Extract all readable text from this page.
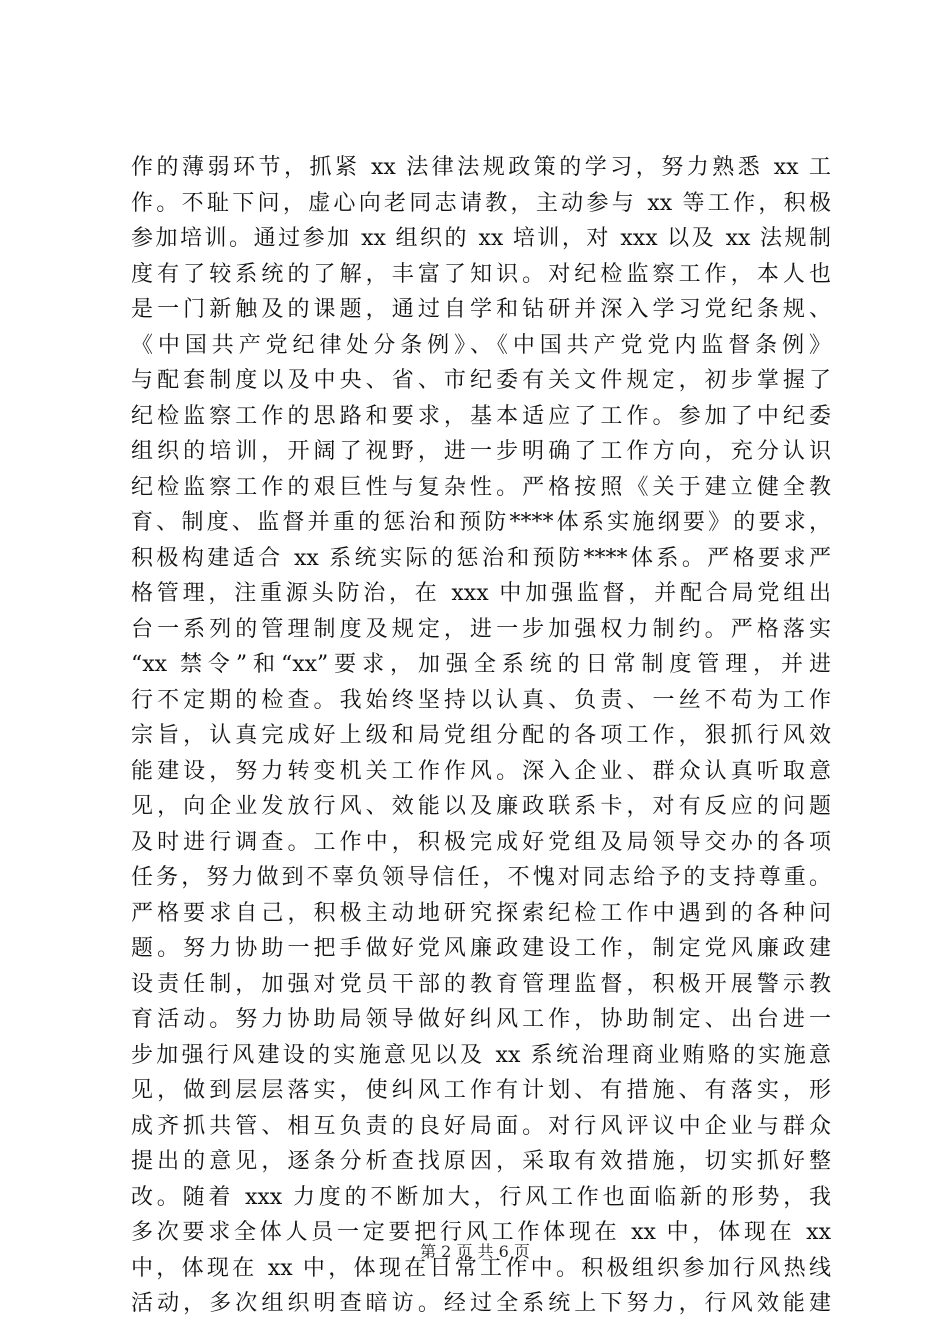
作的薄弱环节，抓紧 xx 法律法规政策的学习，努力熟悉 xx 工
作。不耻下问，虚心向老同志请教，主动参与 xx 等工作，积极
参加培训。通过参加 xx 组织的 xx 培训，对 xxx 以及 xx 法规制
度有了较系统的了解，丰富了知识。对纪检监察工作，本人也
是一门新触及的课题，通过自学和钻研并深入学习党纪条规、
《中国共产党纪律处分条例》、《中国共产党党内监督条例》
与配套制度以及中央、省、市纪委有关文件规定，初步掌握了
纪检监察工作的思路和要求，基本适应了工作。参加了中纪委
组织的培训，开阔了视野，进一步明确了工作方向，充分认识
纪检监察工作的艰巨性与复杂性。严格按照《关于建立健全教
育、制度、监督并重的惩治和预防****体系实施纲要》的要求，
积极构建适合 xx 系统实际的惩治和预防****体系。严格要求严
格管理，注重源头防治，在 xxx 中加强监督，并配合局党组出
台一系列的管理制度及规定，进一步加强权力制约。严格落实
“xx 禁令”和“xx”要求，加强全系统的日常制度管理，并进
行不定期的检查。我始终坚持以认真、负责、一丝不苟为工作
宗旨，认真完成好上级和局党组分配的各项工作，狠抓行风效
能建设，努力转变机关工作作风。深入企业、群众认真听取意
见，向企业发放行风、效能以及廉政联系卡，对有反应的问题
及时进行调查。工作中，积极完成好党组及局领导交办的各项
任务，努力做到不辜负领导信任，不愧对同志给予的支持尊重。
严格要求自己，积极主动地研究探索纪检工作中遇到的各种问
题。努力协助一把手做好党风廉政建设工作，制定党风廉政建
设责任制，加强对党员干部的教育管理监督，积极开展警示教
育活动。努力协助局领导做好纠风工作，协助制定、出台进一
步加强行风建设的实施意见以及 xx 系统治理商业贿赂的实施意
见，做到层层落实，使纠风工作有计划、有措施、有落实，形
成齐抓共管、相互负责的良好局面。对行风评议中企业与群众
提出的意见，逐条分析查找原因，采取有效措施，切实抓好整
改。随着 xxx 力度的不断加大，行风工作也面临新的形势，我
多次要求全体人员一定要把行风工作体现在 xx 中，体现在 xx
中，体现在 xx 中，体现在日常工作中。积极组织参加行风热线
活动，多次组织明查暗访。经过全系统上下努力，行风效能建
第 2 页 共 6 页
